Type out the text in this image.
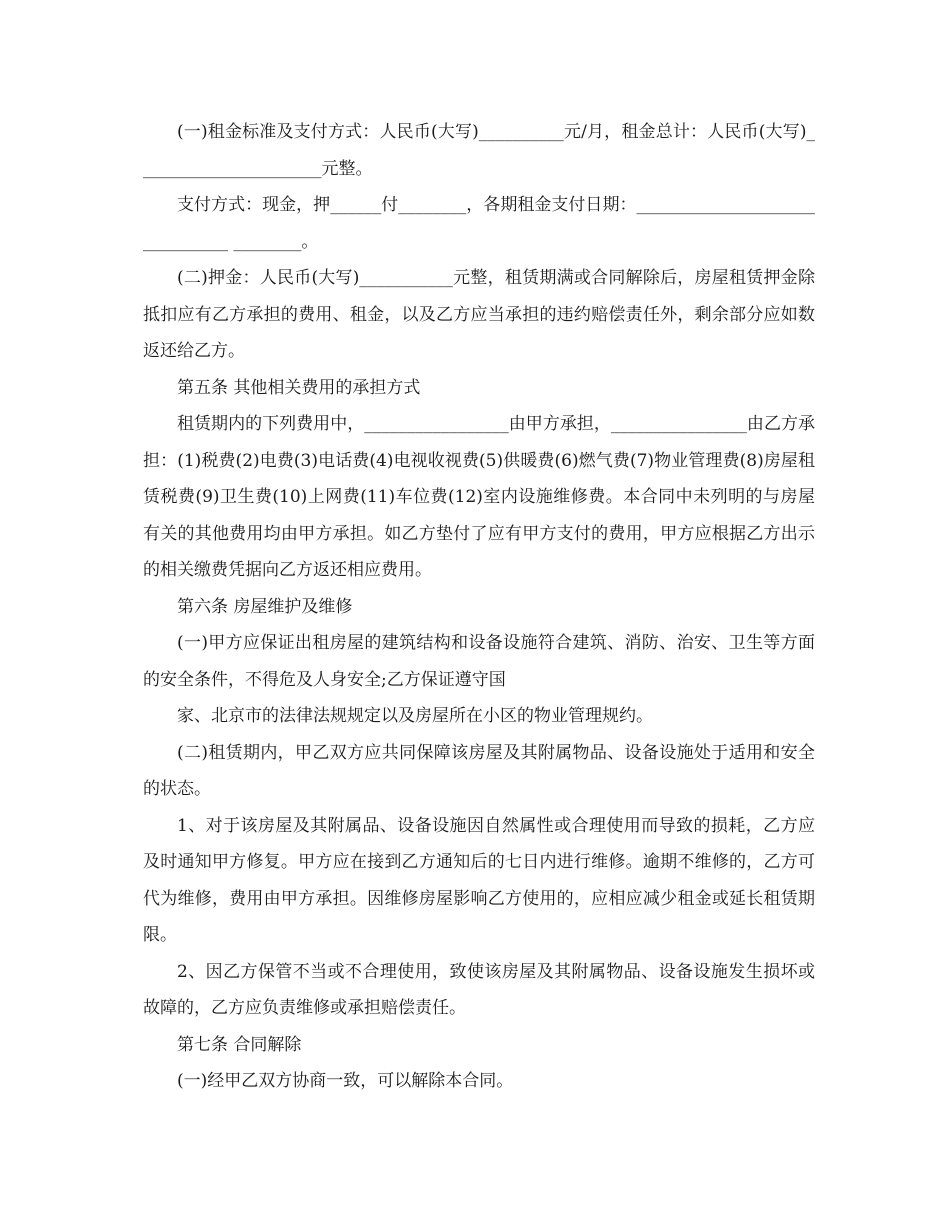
(一)租金标准及支付方式：人民币(大写)__________元/月，租金总计：人民币(大写)______________________元整。

支付方式：现金，押______付________，各期租金支付日期：_____________________ __________ ________。

(二)押金：人民币(大写)___________元整，租赁期满或合同解除后，房屋租赁押金除抵扣应有乙方承担的费用、租金，以及乙方应当承担的违约赔偿责任外，剩余部分应如数返还给乙方。

第五条 其他相关费用的承担方式

租赁期内的下列费用中，_________________由甲方承担，________________由乙方承担：(1)税费(2)电费(3)电话费(4)电视收视费(5)供暖费(6)燃气费(7)物业管理费(8)房屋租赁税费(9)卫生费(10)上网费(11)车位费(12)室内设施维修费。本合同中未列明的与房屋有关的其他费用均由甲方承担。如乙方垫付了应有甲方支付的费用，甲方应根据乙方出示的相关缴费凭据向乙方返还相应费用。

第六条 房屋维护及维修

(一)甲方应保证出租房屋的建筑结构和设备设施符合建筑、消防、治安、卫生等方面的安全条件，不得危及人身安全;乙方保证遵守国

家、北京市的法律法规规定以及房屋所在小区的物业管理规约。

(二)租赁期内，甲乙双方应共同保障该房屋及其附属物品、设备设施处于适用和安全的状态。

1、对于该房屋及其附属品、设备设施因自然属性或合理使用而导致的损耗，乙方应及时通知甲方修复。甲方应在接到乙方通知后的七日内进行维修。逾期不维修的，乙方可代为维修，费用由甲方承担。因维修房屋影响乙方使用的，应相应减少租金或延长租赁期限。

2、因乙方保管不当或不合理使用，致使该房屋及其附属物品、设备设施发生损坏或故障的，乙方应负责维修或承担赔偿责任。

第七条 合同解除

(一)经甲乙双方协商一致，可以解除本合同。
